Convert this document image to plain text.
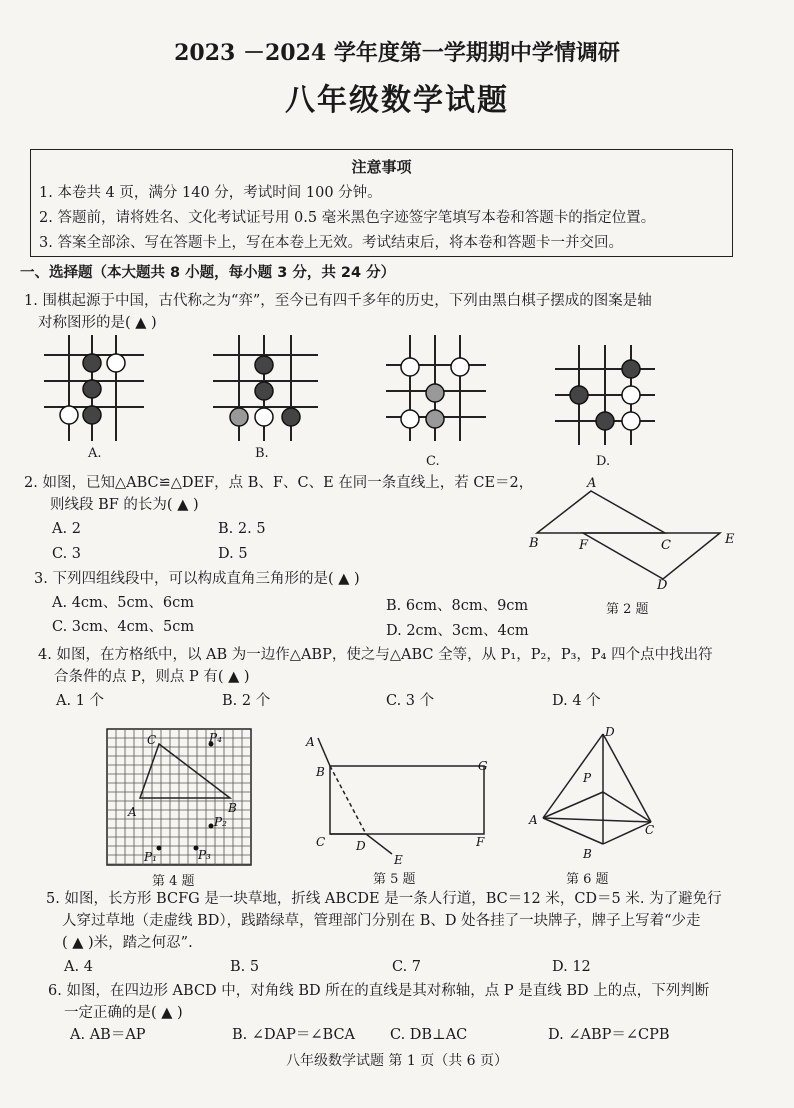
2023 －2024 学年度第一学期期中学情调研
八年级数学试题
注意事项
1. 本卷共 4 页，满分 140 分，考试时间 100 分钟。
2. 答题前，请将姓名、文化考试证号用 0.5 毫米黑色字迹签字笔填写本卷和答题卡的指定位置。
3. 答案全部涂、写在答题卡上，写在本卷上无效。考试结束后，将本卷和答题卡一并交回。
一、选择题（本大题共 8 小题，每小题 3 分，共 24 分）
1. 围棋起源于中国，古代称之为“弈”，至今已有四千多年的历史，下列由黑白棋子摆成的图案是轴
对称图形的是( ▲ )
A.	B.
C.	D.
2. 如图，已知△ABC≌△DEF，点 B、F、C、E 在同一条直线上，若 CE＝2，
则线段 BF 的长为( ▲ )
A. 2	B. 2. 5
C. 3	D. 5
A
B	F	C	E
D
第 2 题
3. 下列四组线段中，可以构成直角三角形的是( ▲ )
A. 4cm、5cm、6cm	B. 6cm、8cm、9cm
C. 3cm、4cm、5cm	D. 2cm、3cm、4cm
4. 如图，在方格纸中，以 AB 为一边作△ABP，使之与△ABC 全等，从 P₁，P₂，P₃，P₄ 四个点中找出符
合条件的点 P，则点 P 有( ▲ )
A. 1 个	B. 2 个	C. 3 个	D. 4 个
C	P₄
A	B
P₂
P₁	P₃
第 4 题
A
B	G
C	D	F
E
第 5 题
D
P
A
C
B
第 6 题
5. 如图，长方形 BCFG 是一块草地，折线 ABCDE 是一条人行道，BC＝12 米，CD＝5 米. 为了避免行
人穿过草地（走虚线 BD），践踏绿草，管理部门分别在 B、D 处各挂了一块牌子，牌子上写着“少走
( ▲ )米，踏之何忍”.
A. 4	B. 5	C. 7	D. 12
6. 如图，在四边形 ABCD 中，对角线 BD 所在的直线是其对称轴，点 P 是直线 BD 上的点，下列判断
一定正确的是( ▲ )
A. AB＝AP	B. ∠DAP＝∠BCA C. DB⊥AC	D. ∠ABP＝∠CPB
八年级数学试题 第 1 页（共 6 页）
